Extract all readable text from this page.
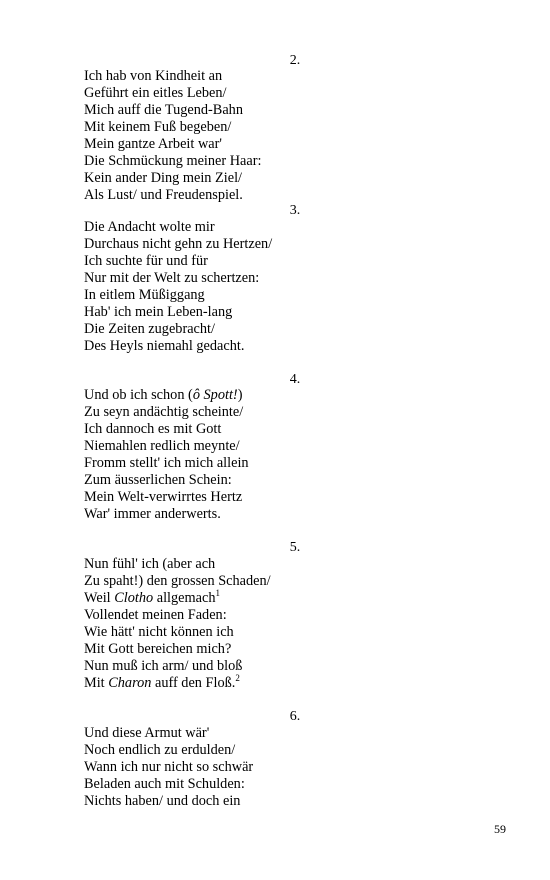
2.
Ich hab von Kindheit an
Geführt ein eitles Leben/
Mich auff die Tugend-Bahn
Mit keinem Fuß begeben/
Mein gantze Arbeit war'
Die Schmückung meiner Haar:
Kein ander Ding mein Ziel/
Als Lust/ und Freudenspiel.
3.
Die Andacht wolte mir
Durchaus nicht gehn zu Hertzen/
Ich suchte für und für
Nur mit der Welt zu schertzen:
In eitlem Müßiggang
Hab' ich mein Leben-lang
Die Zeiten zugebracht/
Des Heyls niemahl gedacht.
4.
Und ob ich schon (ô Spott!)
Zu seyn andächtig scheinte/
Ich dannoch es mit Gott
Niemahlen redlich meynte/
Fromm stellt' ich mich allein
Zum äusserlichen Schein:
Mein Welt-verwirrtes Hertz
War' immer anderwerts.
5.
Nun fühl' ich (aber ach
Zu spaht!) den grossen Schaden/
Weil Clotho allgemach$^1$
Vollendet meinen Faden:
Wie hätt' nicht können ich
Mit Gott bereichen mich?
Nun muß ich arm/ und bloß
Mit Charon auff den Floß.$^2$
6.
Und diese Armut wär'
Noch endlich zu erdulden/
Wann ich nur nicht so schwär
Beladen auch mit Schulden:
Nichts haben/ und doch ein
59
